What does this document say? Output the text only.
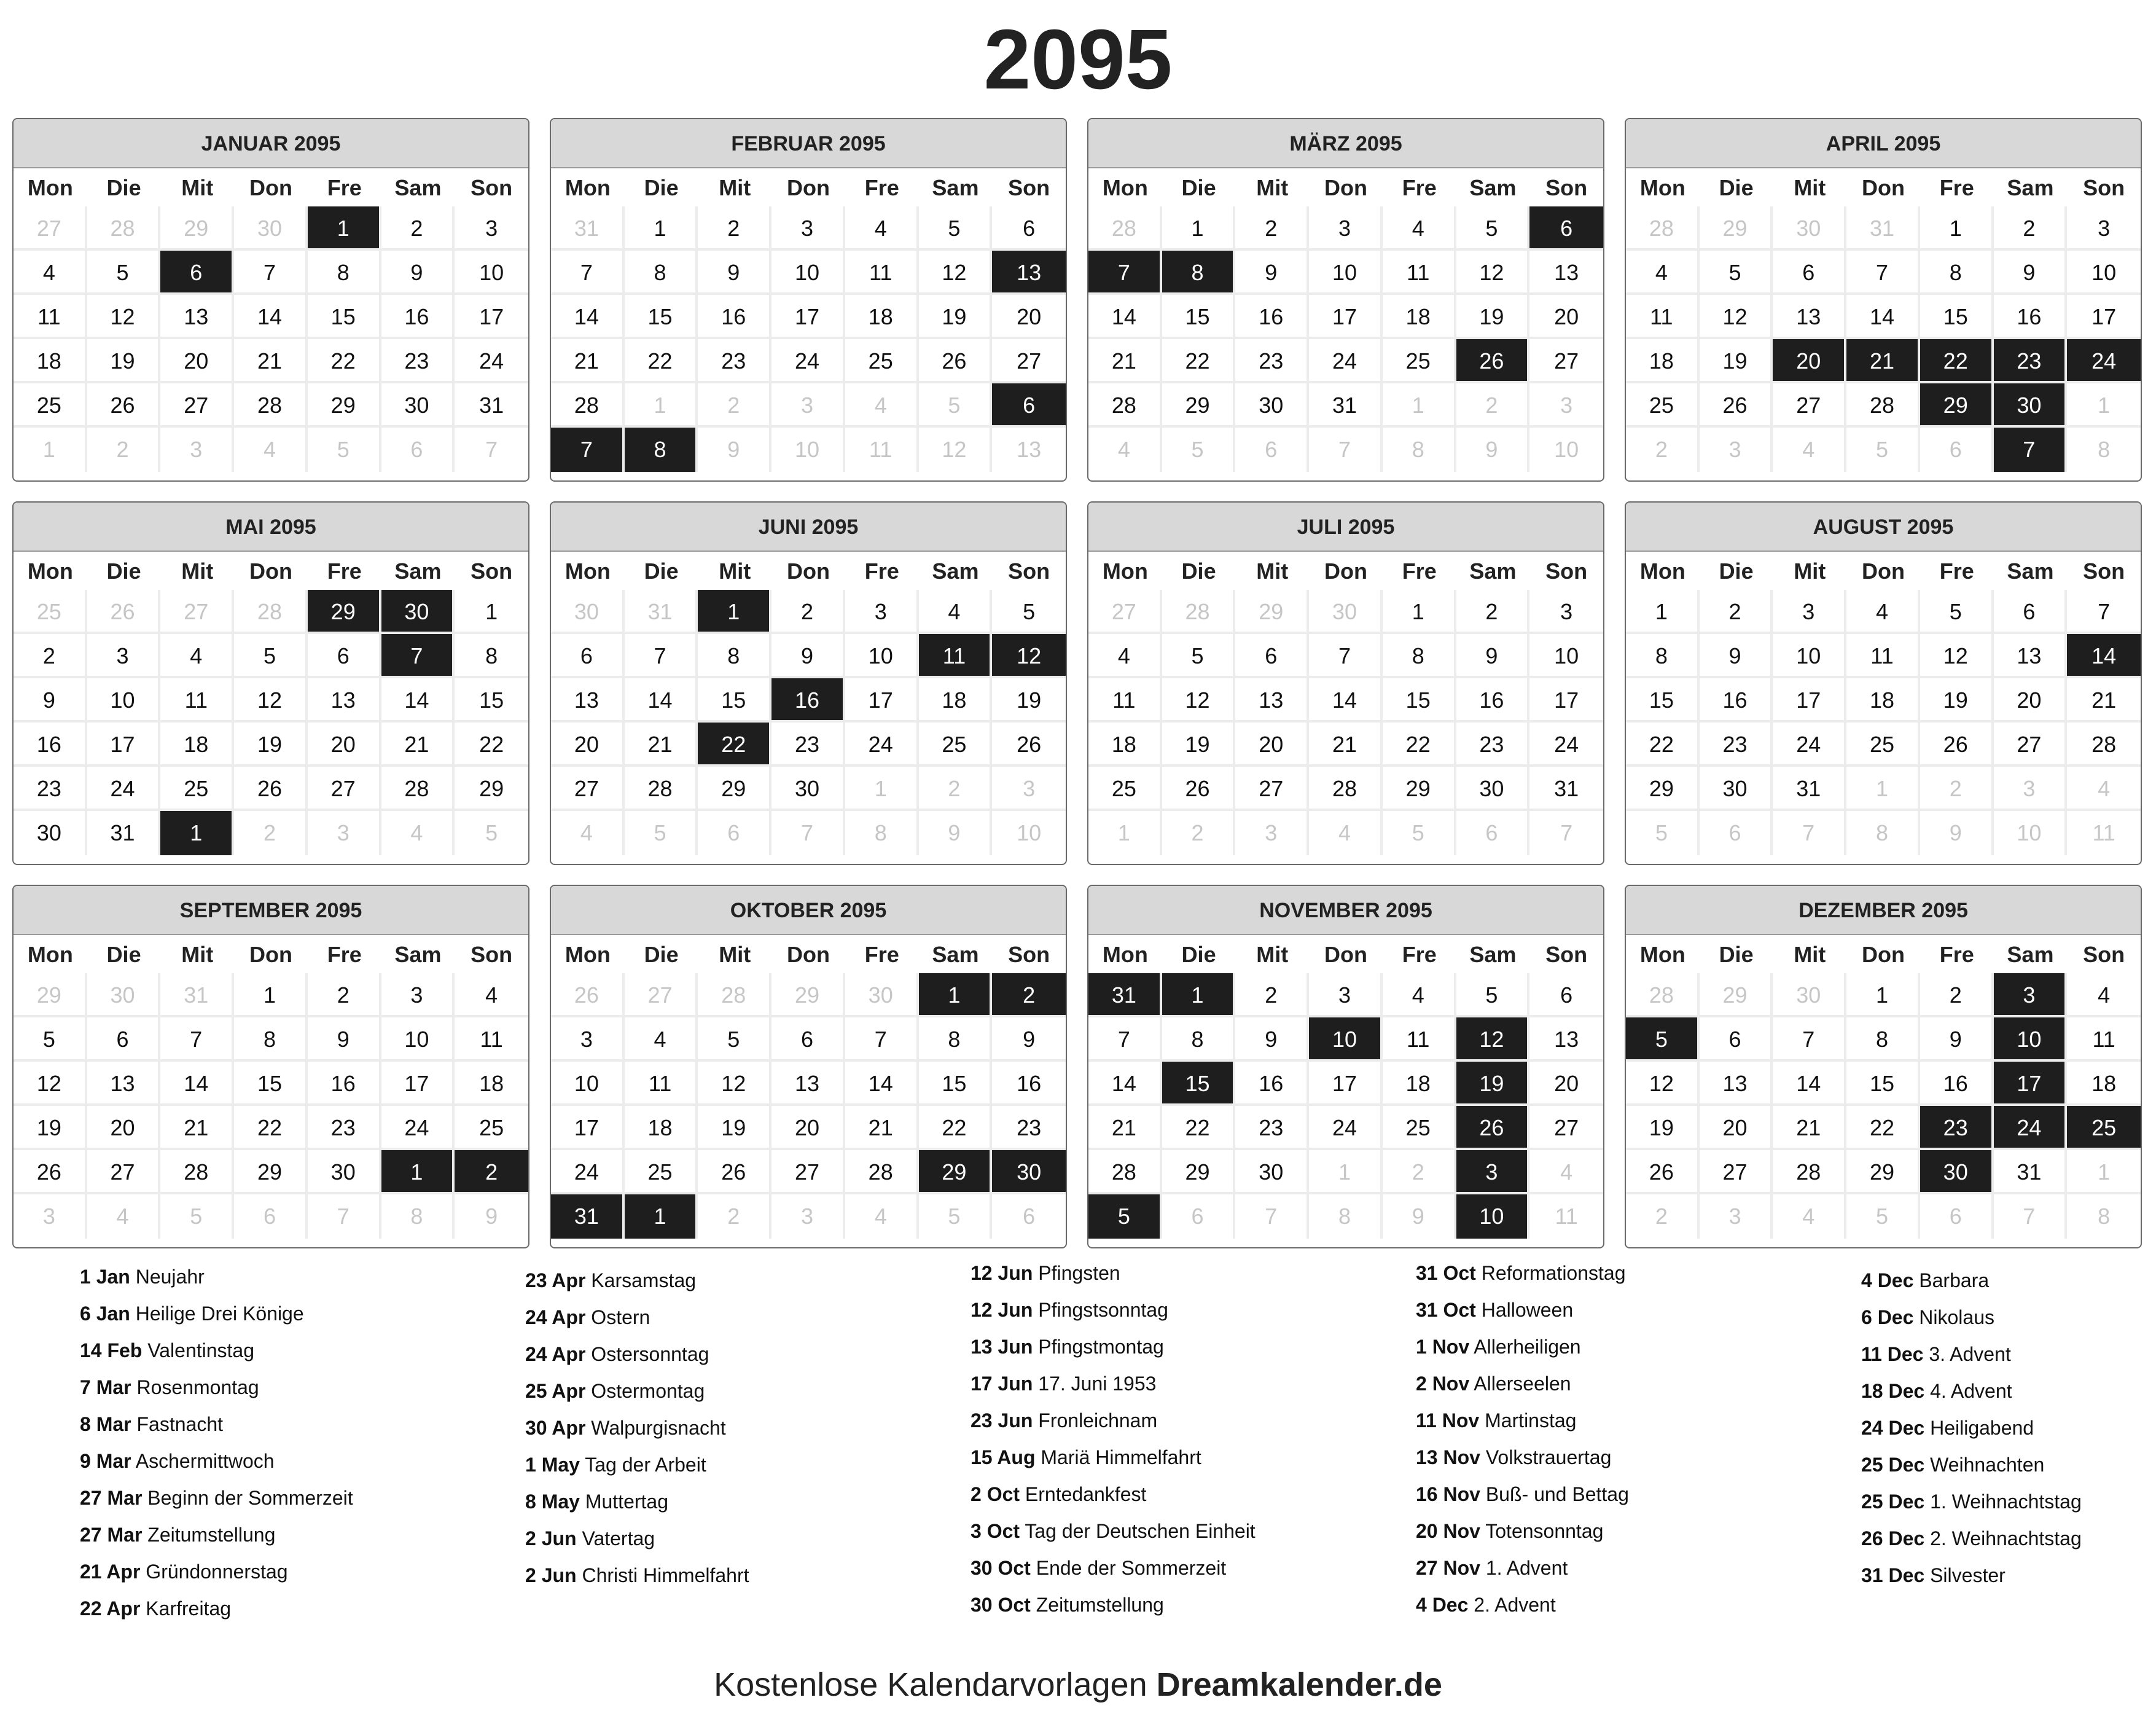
2095
JANUAR 2095
Mon	Die	Mit	Don	Fre	Sam	Son
27	28	29	30	1	2	3
4	5	6	7	8	9	10
11	12	13	14	15	16	17
18	19	20	21	22	23	24
25	26	27	28	29	30	31
1	2	3	4	5	6	7
FEBRUAR 2095
Mon	Die	Mit	Don	Fre	Sam	Son
31	1	2	3	4	5	6
7	8	9	10	11	12	13
14	15	16	17	18	19	20
21	22	23	24	25	26	27
28	1	2	3	4	5	6
7	8	9	10	11	12	13
MÄRZ 2095
Mon	Die	Mit	Don	Fre	Sam	Son
28	1	2	3	4	5	6
7	8	9	10	11	12	13
14	15	16	17	18	19	20
21	22	23	24	25	26	27
28	29	30	31	1	2	3
4	5	6	7	8	9	10
APRIL 2095
Mon	Die	Mit	Don	Fre	Sam	Son
28	29	30	31	1	2	3
4	5	6	7	8	9	10
11	12	13	14	15	16	17
18	19	20	21	22	23	24
25	26	27	28	29	30	1
2	3	4	5	6	7	8
MAI 2095
Mon	Die	Mit	Don	Fre	Sam	Son
25	26	27	28	29	30	1
2	3	4	5	6	7	8
9	10	11	12	13	14	15
16	17	18	19	20	21	22
23	24	25	26	27	28	29
30	31	1	2	3	4	5
JUNI 2095
Mon	Die	Mit	Don	Fre	Sam	Son
30	31	1	2	3	4	5
6	7	8	9	10	11	12
13	14	15	16	17	18	19
20	21	22	23	24	25	26
27	28	29	30	1	2	3
4	5	6	7	8	9	10
JULI 2095
Mon	Die	Mit	Don	Fre	Sam	Son
27	28	29	30	1	2	3
4	5	6	7	8	9	10
11	12	13	14	15	16	17
18	19	20	21	22	23	24
25	26	27	28	29	30	31
1	2	3	4	5	6	7
AUGUST 2095
Mon	Die	Mit	Don	Fre	Sam	Son
1	2	3	4	5	6	7
8	9	10	11	12	13	14
15	16	17	18	19	20	21
22	23	24	25	26	27	28
29	30	31	1	2	3	4
5	6	7	8	9	10	11
SEPTEMBER 2095
Mon	Die	Mit	Don	Fre	Sam	Son
29	30	31	1	2	3	4
5	6	7	8	9	10	11
12	13	14	15	16	17	18
19	20	21	22	23	24	25
26	27	28	29	30	1	2
3	4	5	6	7	8	9
OKTOBER 2095
Mon	Die	Mit	Don	Fre	Sam	Son
26	27	28	29	30	1	2
3	4	5	6	7	8	9
10	11	12	13	14	15	16
17	18	19	20	21	22	23
24	25	26	27	28	29	30
31	1	2	3	4	5	6
NOVEMBER 2095
Mon	Die	Mit	Don	Fre	Sam	Son
31	1	2	3	4	5	6
7	8	9	10	11	12	13
14	15	16	17	18	19	20
21	22	23	24	25	26	27
28	29	30	1	2	3	4
5	6	7	8	9	10	11
DEZEMBER 2095
Mon	Die	Mit	Don	Fre	Sam	Son
28	29	30	1	2	3	4
5	6	7	8	9	10	11
12	13	14	15	16	17	18
19	20	21	22	23	24	25
26	27	28	29	30	31	1
2	3	4	5	6	7	8
1 Jan Neujahr
6 Jan Heilige Drei Könige
14 Feb Valentinstag
7 Mar Rosenmontag
8 Mar Fastnacht
9 Mar Aschermittwoch
27 Mar Beginn der Sommerzeit
27 Mar Zeitumstellung
21 Apr Gründonnerstag
22 Apr Karfreitag
23 Apr Karsamstag
24 Apr Ostern
24 Apr Ostersonntag
25 Apr Ostermontag
30 Apr Walpurgisnacht
1 May Tag der Arbeit
8 May Muttertag
2 Jun Vatertag
2 Jun Christi Himmelfahrt
12 Jun Pfingsten
12 Jun Pfingstsonntag
13 Jun Pfingstmontag
17 Jun 17. Juni 1953
23 Jun Fronleichnam
15 Aug Mariä Himmelfahrt
2 Oct Erntedankfest
3 Oct Tag der Deutschen Einheit
30 Oct Ende der Sommerzeit
30 Oct Zeitumstellung
31 Oct Reformationstag
31 Oct Halloween
1 Nov Allerheiligen
2 Nov Allerseelen
11 Nov Martinstag
13 Nov Volkstrauertag
16 Nov Buß- und Bettag
20 Nov Totensonntag
27 Nov 1. Advent
4 Dec 2. Advent
4 Dec Barbara
6 Dec Nikolaus
11 Dec 3. Advent
18 Dec 4. Advent
24 Dec Heiligabend
25 Dec Weihnachten
25 Dec 1. Weihnachtstag
26 Dec 2. Weihnachtstag
31 Dec Silvester
Kostenlose Kalendarvorlagen Dreamkalender.de
